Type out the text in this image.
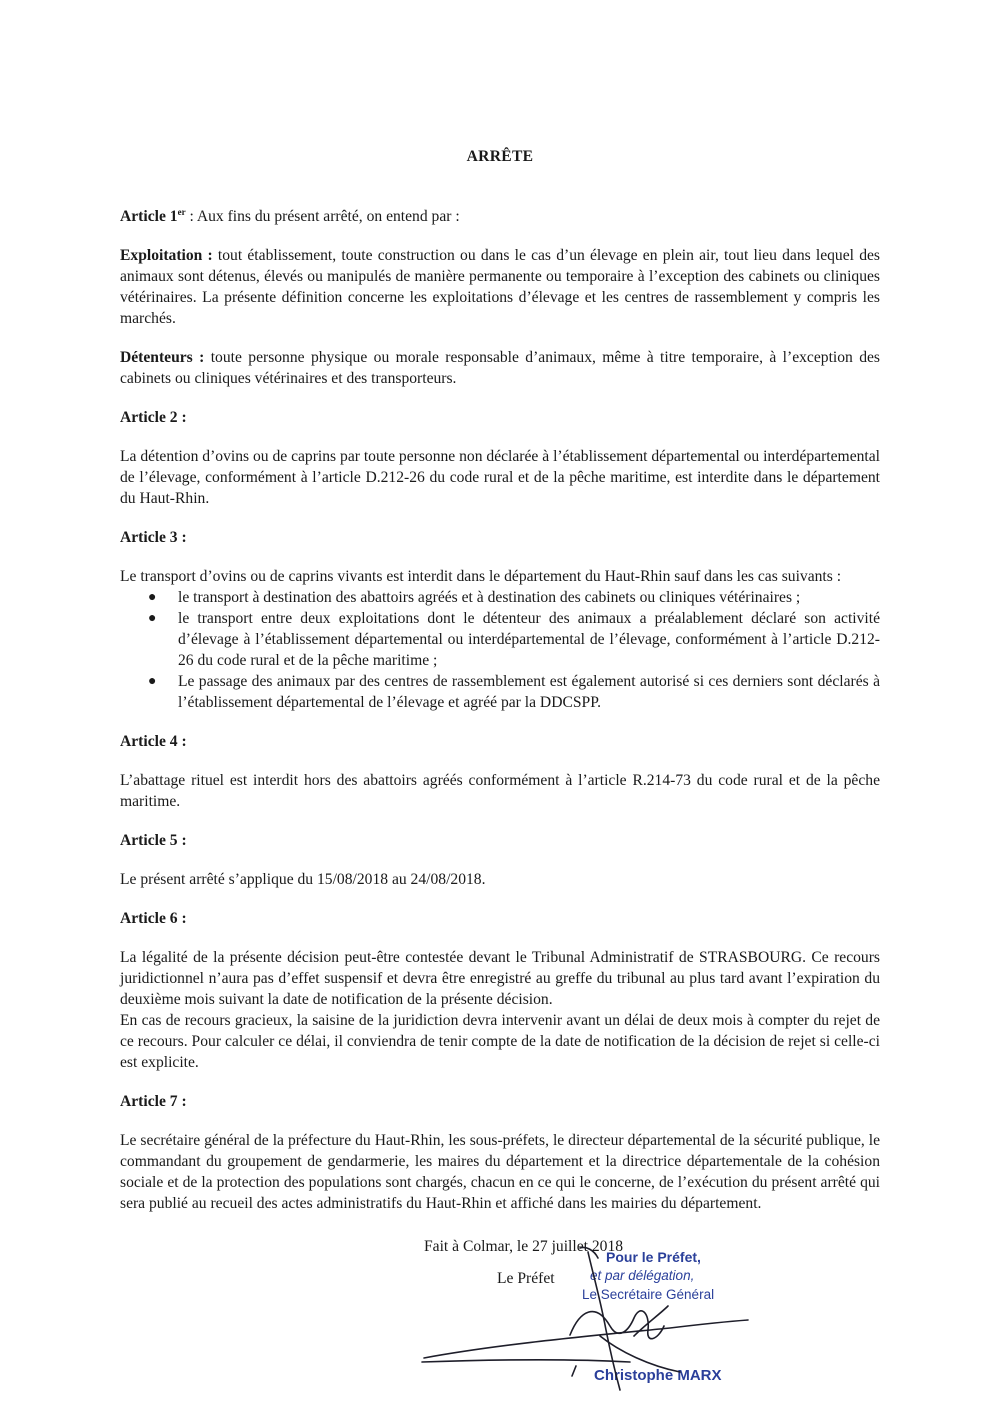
ARRÊTE

Article 1er : Aux fins du présent arrêté, on entend par :

Exploitation : tout établissement, toute construction ou dans le cas d’un élevage en plein air, tout lieu dans lequel des animaux sont détenus, élevés ou manipulés de manière permanente ou temporaire à l’exception des cabinets ou cliniques vétérinaires. La présente définition concerne les exploitations d’élevage et les centres de rassemblement y compris les marchés.

Détenteurs : toute personne physique ou morale responsable d’animaux, même à titre temporaire, à l’exception des cabinets ou cliniques vétérinaires et des transporteurs.

Article 2 :

La détention d’ovins ou de caprins par toute personne non déclarée à l’établissement départemental ou interdépartemental de l’élevage, conformément à l’article D.212-26 du code rural et de la pêche maritime, est interdite dans le département du Haut-Rhin.

Article 3 :

Le transport d’ovins ou de caprins vivants est interdit dans le département du Haut-Rhin sauf dans les cas suivants :

● le transport à destination des abattoirs agréés et à destination des cabinets ou cliniques vétérinaires ;
● le transport entre deux exploitations dont le détenteur des animaux a préalablement déclaré son activité d’élevage à l’établissement départemental ou interdépartemental de l’élevage, conformément à l’article D.212-26 du code rural et de la pêche maritime ;
● Le passage des animaux par des centres de rassemblement est également autorisé si ces derniers sont déclarés à l’établissement départemental de l’élevage et agréé par la DDCSPP.

Article 4 :

L’abattage rituel est interdit hors des abattoirs agréés conformément à l’article R.214-73 du code rural et de la pêche maritime.

Article 5 :

Le présent arrêté s’applique du 15/08/2018 au 24/08/2018.

Article 6 :

La légalité de la présente décision peut-être contestée devant le Tribunal Administratif de STRASBOURG. Ce recours juridictionnel n’aura pas d’effet suspensif et devra être enregistré au greffe du tribunal au plus tard avant l’expiration du deuxième mois suivant la date de notification de la présente décision.

En cas de recours gracieux, la saisine de la juridiction devra intervenir avant un délai de deux mois à compter du rejet de ce recours. Pour calculer ce délai, il conviendra de tenir compte de la date de notification de la décision de rejet si celle-ci est explicite.

Article 7 :

Le secrétaire général de la préfecture du Haut-Rhin, les sous-préfets, le directeur départemental de la sécurité publique, le commandant du groupement de gendarmerie, les maires du département et la directrice départementale de la cohésion sociale et de la protection des populations sont chargés, chacun en ce qui le concerne, de l’exécution du présent arrêté qui sera publié au recueil des actes administratifs du Haut-Rhin et affiché dans les mairies du département.

Fait à Colmar, le 27 juillet 2018
Le Préfet
Pour le Préfet,
et par délégation,
Le Secrétaire Général
Christophe MARX
